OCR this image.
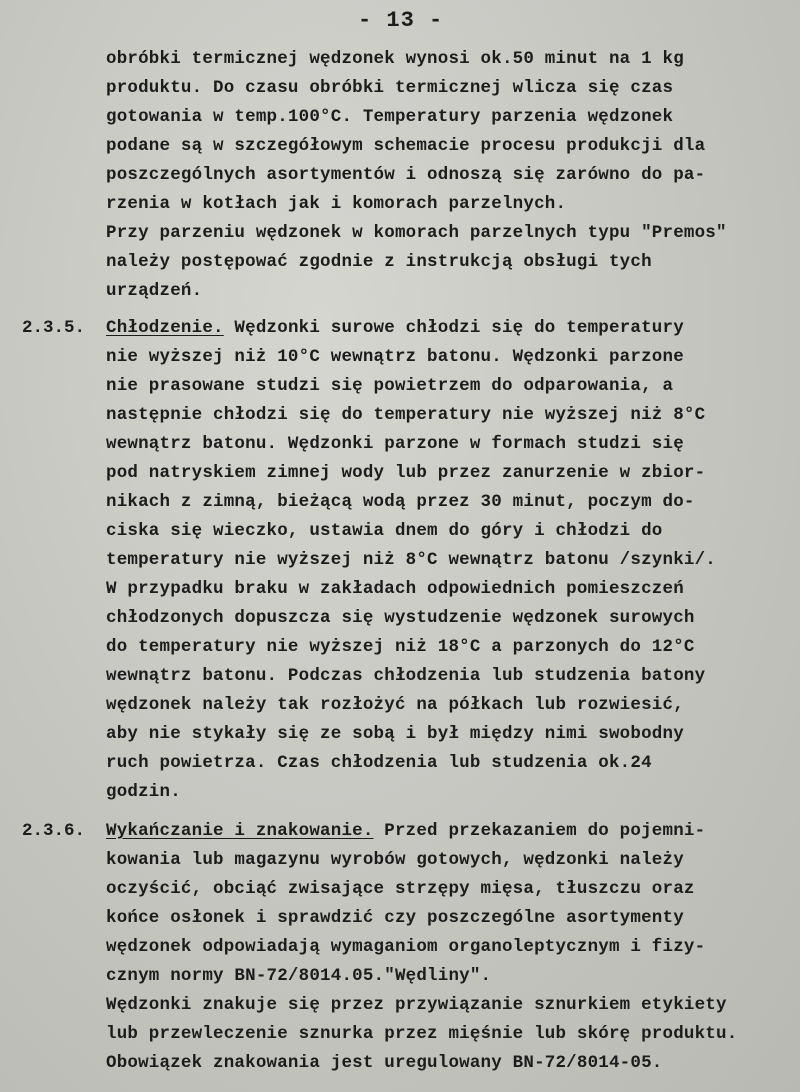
- 13 -
obróbki termicznej wędzonek wynosi ok.50 minut na 1 kg
produktu. Do czasu obróbki termicznej wlicza się czas
gotowania w temp.100°C. Temperatury parzenia wędzonek
podane są w szczegółowym schemacie procesu produkcji dla
poszczególnych asortymentów i odnoszą się zarówno do pa-
rzenia w kotłach jak i komorach parzelnych.
Przy parzeniu wędzonek w komorach parzelnych typu "Premos"
należy postępować zgodnie z instrukcją obsługi tych
urządzeń.
2.3.5. Chłodzenie. Wędzonki surowe chłodzi się do temperatury
nie wyższej niż 10°C wewnątrz batonu. Wędzonki parzone
nie prasowane studzi się powietrzem do odparowania, a
następnie chłodzi się do temperatury nie wyższej niż 8°C
wewnątrz batonu. Wędzonki parzone w formach studzi się
pod natryskiem zimnej wody lub przez zanurzenie w zbior-
nikach z zimną, bieżącą wodą przez 30 minut, poczym do-
ciska się wieczko, ustawia dnem do góry i chłodzi do
temperatury nie wyższej niż 8°C wewnątrz batonu /szynki/.
W przypadku braku w zakładach odpowiednich pomieszczeń
chłodzonych dopuszcza się wystudzenie wędzonek surowych
do temperatury nie wyższej niż 18°C a parzonych do 12°C
wewnątrz batonu. Podczas chłodzenia lub studzenia batony
wędzonek należy tak rozłożyć na półkach lub rozwiesić,
aby nie stykały się ze sobą i był między nimi swobodny
ruch powietrza. Czas chłodzenia lub studzenia ok.24
godzin.
2.3.6. Wykańczanie i znakowanie. Przed przekazaniem do pojemni-
kowania lub magazynu wyrobów gotowych, wędzonki należy
oczyścić, obciąć zwisające strzępy mięsa, tłuszczu oraz
końce osłonek i sprawdzić czy poszczególne asortymenty
wędzonek odpowiadają wymaganiom organoleptycznym i fizy-
cznym normy BN-72/8014.05."Wędliny".
Wędzonki znakuje się przez przywiązanie sznurkiem etykiety
lub przewleczenie sznurka przez mięśnie lub skórę produktu.
Obowiązek znakowania jest uregulowany BN-72/8014-05.
